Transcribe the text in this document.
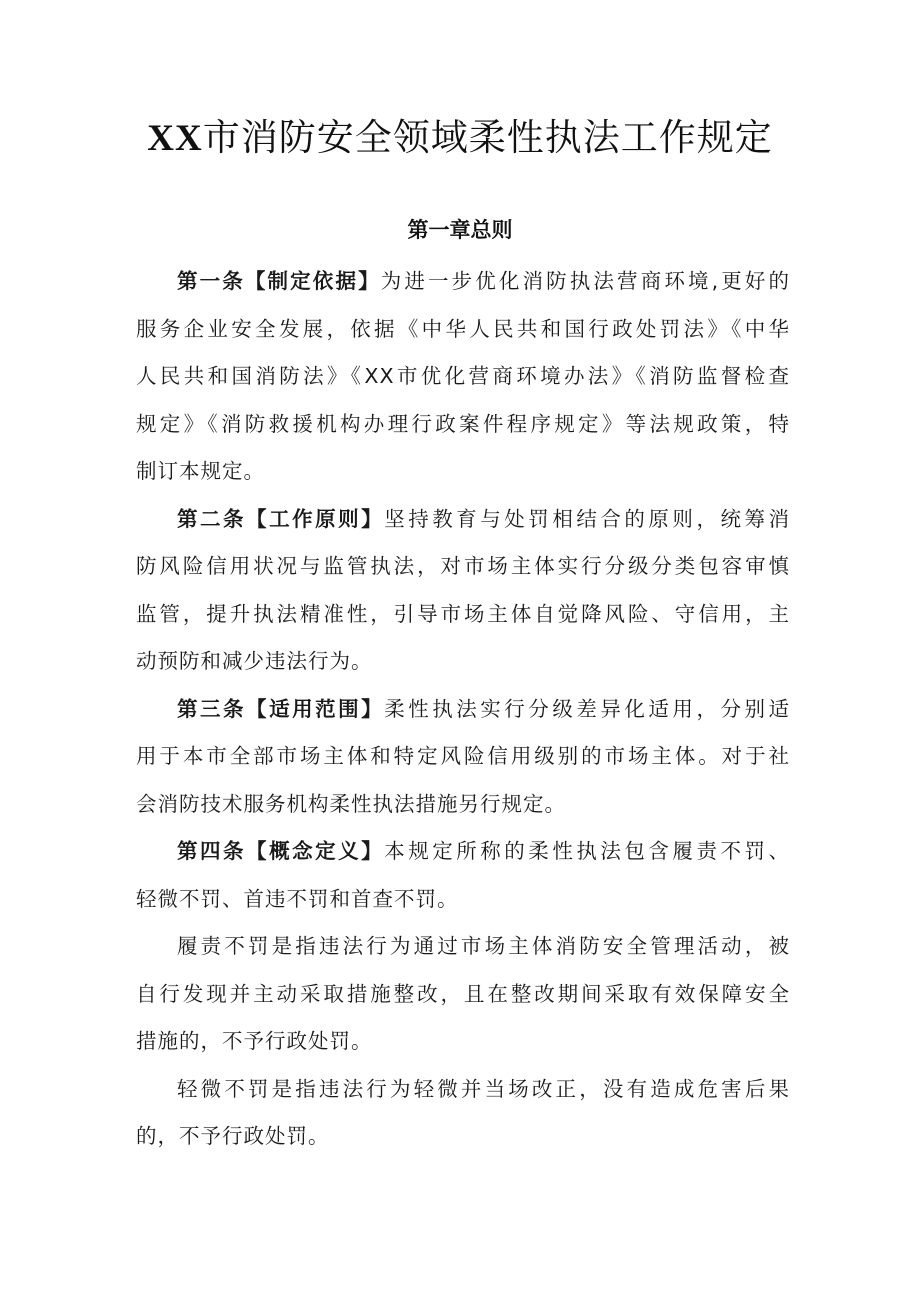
XX市消防安全领域柔性执法工作规定
第一章总则
第一条【制定依据】为进一步优化消防执法营商环境,更好的
服务企业安全发展，依据《中华人民共和国行政处罚法》《中华
人民共和国消防法》《XX市优化营商环境办法》《消防监督检查
规定》《消防救援机构办理行政案件程序规定》等法规政策，特
制订本规定。
第二条【工作原则】坚持教育与处罚相结合的原则，统筹消
防风险信用状况与监管执法，对市场主体实行分级分类包容审慎
监管，提升执法精准性，引导市场主体自觉降风险、守信用，主
动预防和减少违法行为。
第三条【适用范围】柔性执法实行分级差异化适用，分别适
用于本市全部市场主体和特定风险信用级别的市场主体。对于社
会消防技术服务机构柔性执法措施另行规定。
第四条【概念定义】本规定所称的柔性执法包含履责不罚、
轻微不罚、首违不罚和首查不罚。
履责不罚是指违法行为通过市场主体消防安全管理活动，被
自行发现并主动采取措施整改，且在整改期间采取有效保障安全
措施的，不予行政处罚。
轻微不罚是指违法行为轻微并当场改正，没有造成危害后果
的，不予行政处罚。
